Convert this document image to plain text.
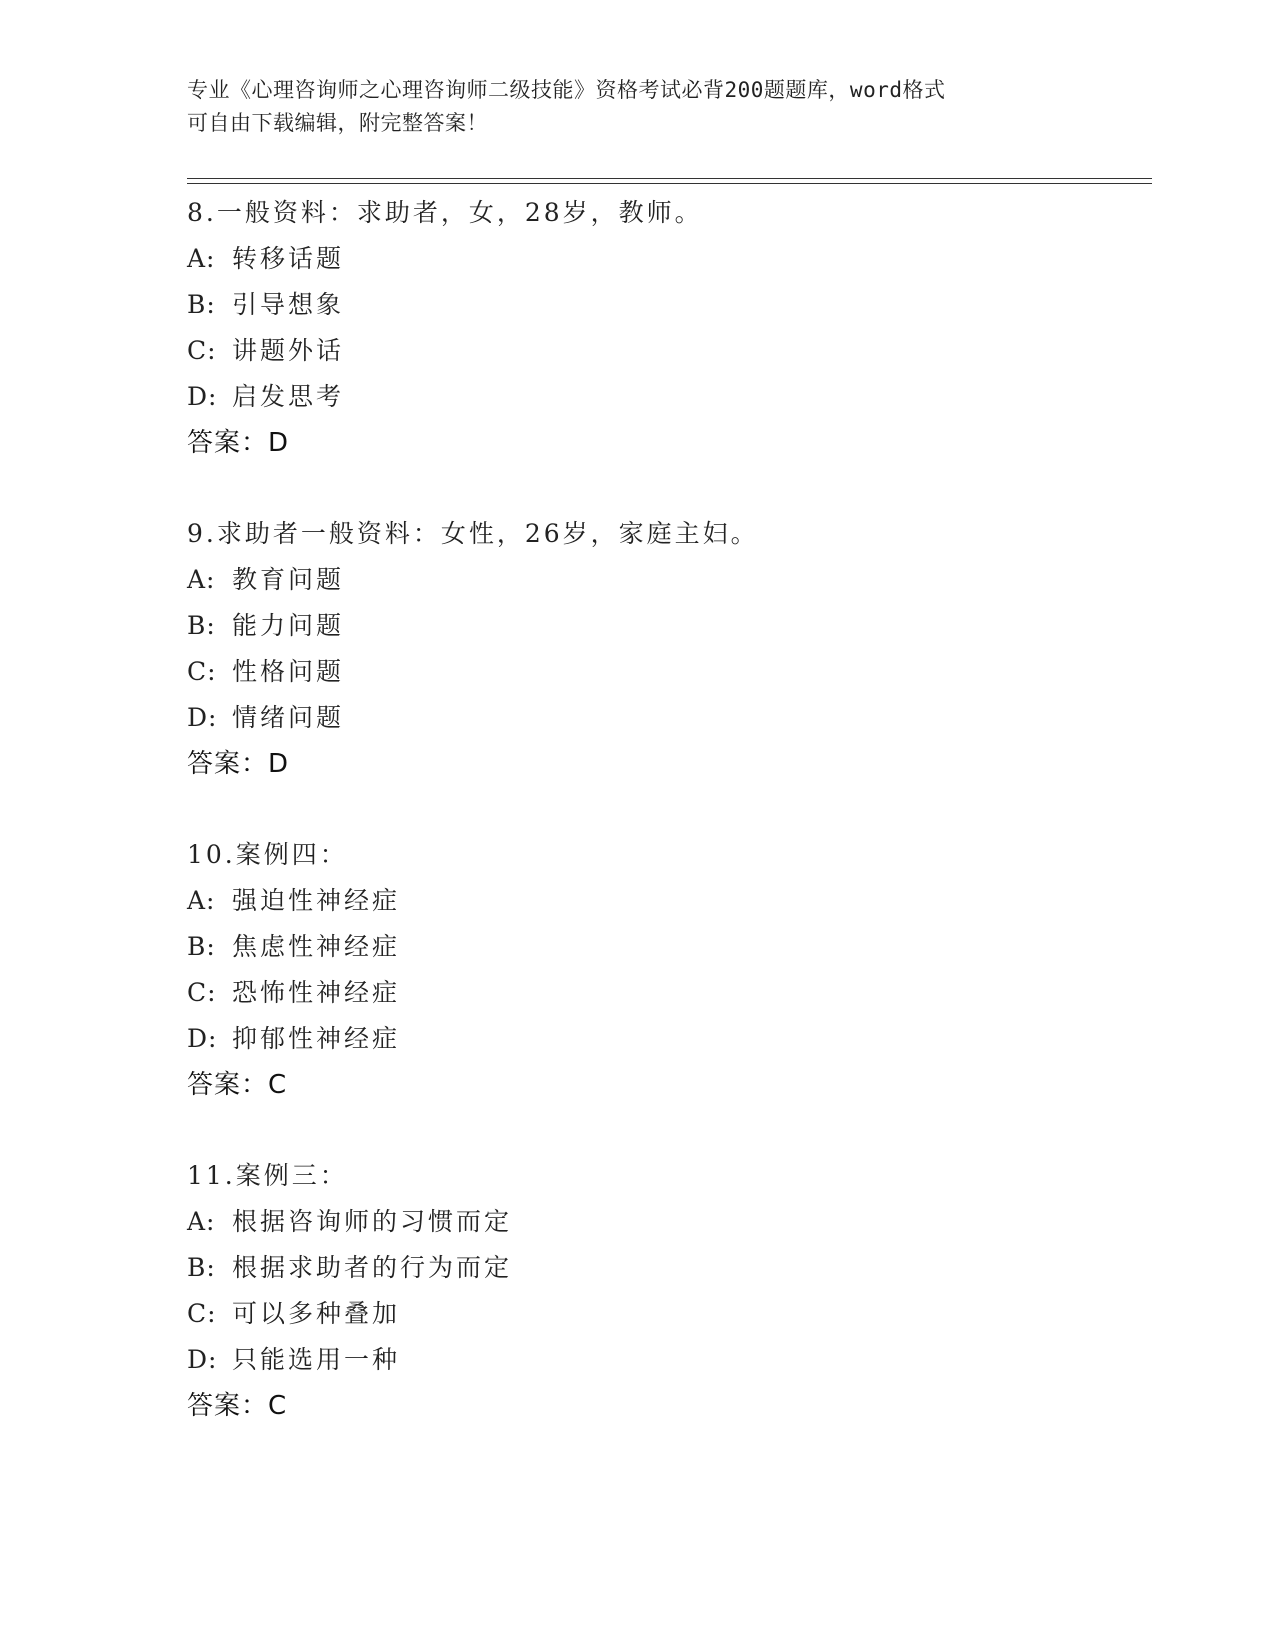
专业《心理咨询师之心理咨询师二级技能》资格考试必背200题题库，word格式
可自由下载编辑，附完整答案！
8.一般资料：求助者，女，28岁，教师。
A: 转移话题
B: 引导想象
C: 讲题外话
D: 启发思考
答案：D
9.求助者一般资料：女性，26岁，家庭主妇。
A: 教育问题
B: 能力问题
C: 性格问题
D: 情绪问题
答案：D
10.案例四：
A: 强迫性神经症
B: 焦虑性神经症
C: 恐怖性神经症
D: 抑郁性神经症
答案：C
11.案例三：
A: 根据咨询师的习惯而定
B: 根据求助者的行为而定
C: 可以多种叠加
D: 只能选用一种
答案：C
